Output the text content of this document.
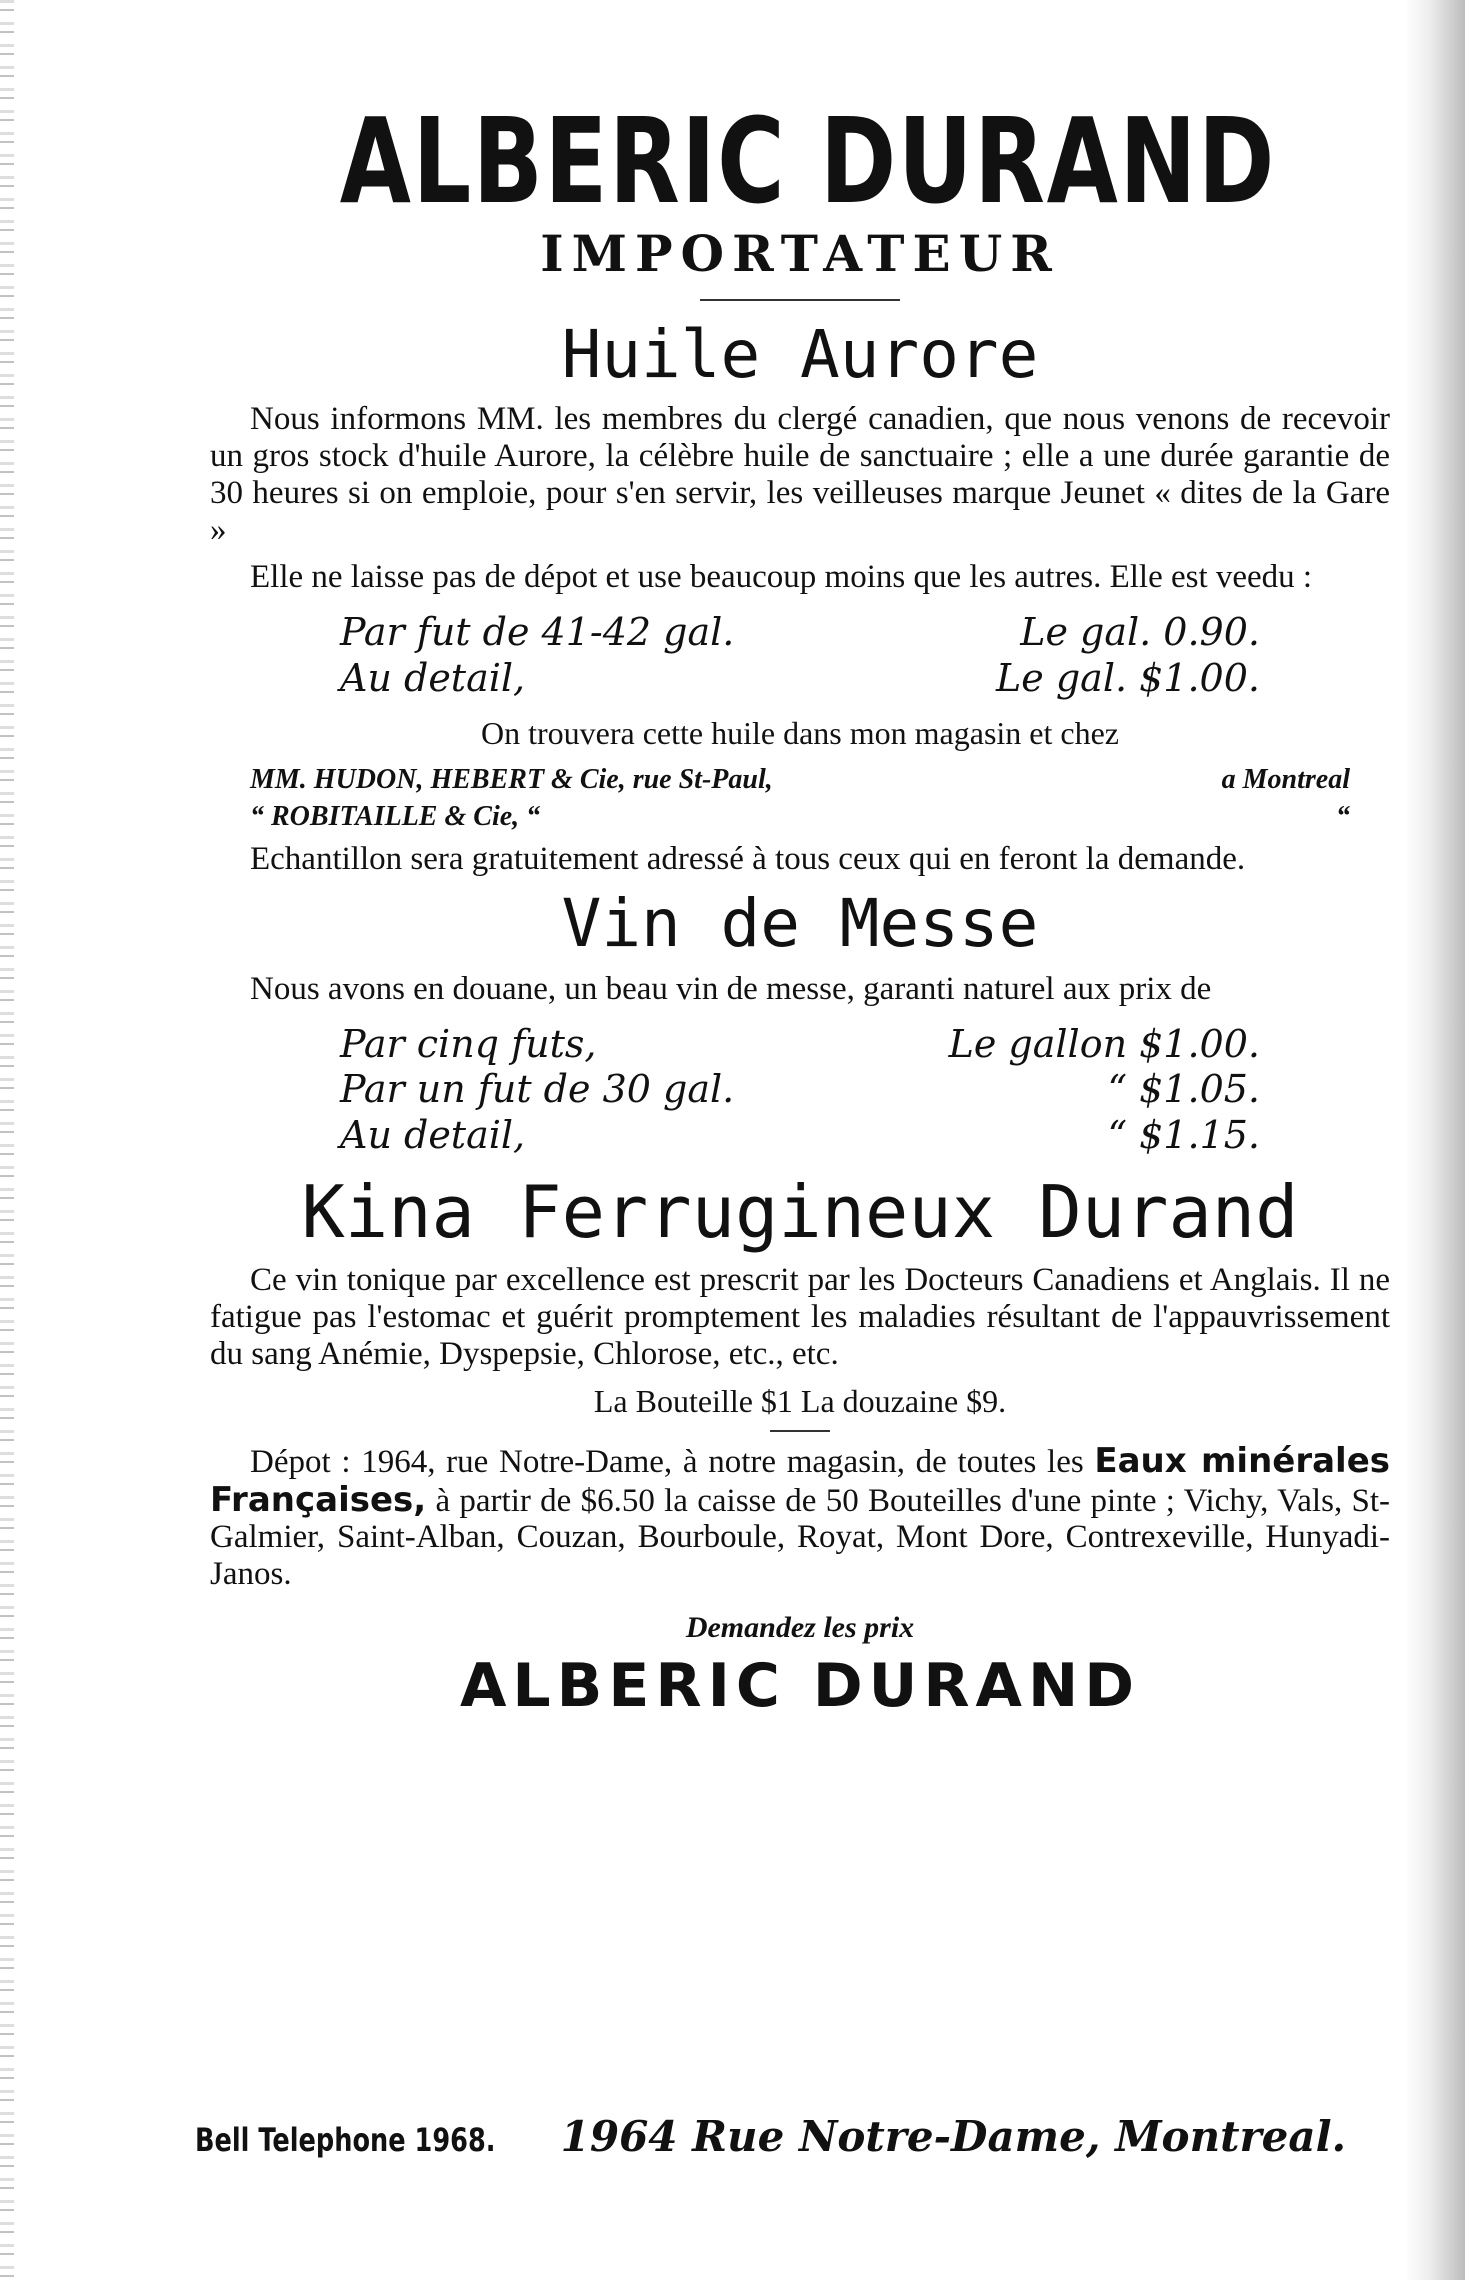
ALBERIC DURAND
IMPORTATEUR
Huile Aurore

Nous informons MM. les membres du clergé canadien, que nous venons de recevoir un gros stock d'huile Aurore, la célèbre huile de sanctuaire ; elle a une durée garantie de 30 heures si on emploie, pour s'en servir, les veilleuses marque Jeunet « dites de la Gare »

Elle ne laisse pas de dépot et use beaucoup moins que les autres. Elle est veedu :

Par fut de 41-42 gal.	Le gal. 0.90.
Au detail,	Le gal. $1.00.
On trouvera cette huile dans mon magasin et chez
MM. HUDON, HEBERT & Cie, rue St-Paul,	a Montreal
“ ROBITAILLE & Cie, “	“

Echantillon sera gratuitement adressé à tous ceux qui en feront la demande.

Vin de Messe

Nous avons en douane, un beau vin de messe, garanti naturel aux prix de

Par cinq futs,	Le gallon $1.00.
Par un fut de 30 gal.	“ $1.05.
Au detail,	“ $1.15.
Kina Ferrugineux Durand

Ce vin tonique par excellence est prescrit par les Docteurs Canadiens et Anglais. Il ne fatigue pas l'estomac et guérit promptement les maladies résultant de l'appauvrissement du sang Anémie, Dyspepsie, Chlorose, etc., etc.

La Bouteille $1 La douzaine $9.

Dépot : 1964, rue Notre-Dame, à notre magasin, de toutes les Eaux minérales Françaises, à partir de $6.50 la caisse de 50 Bouteilles d'une pinte ; Vichy, Vals, St-Galmier, Saint-Alban, Couzan, Bourboule, Royat, Mont Dore, Contrexeville, Hunyadi-Janos.

Demandez les prix
ALBERIC DURAND
Bell Telephone 1968. 1964 Rue Notre-Dame, Montreal.
